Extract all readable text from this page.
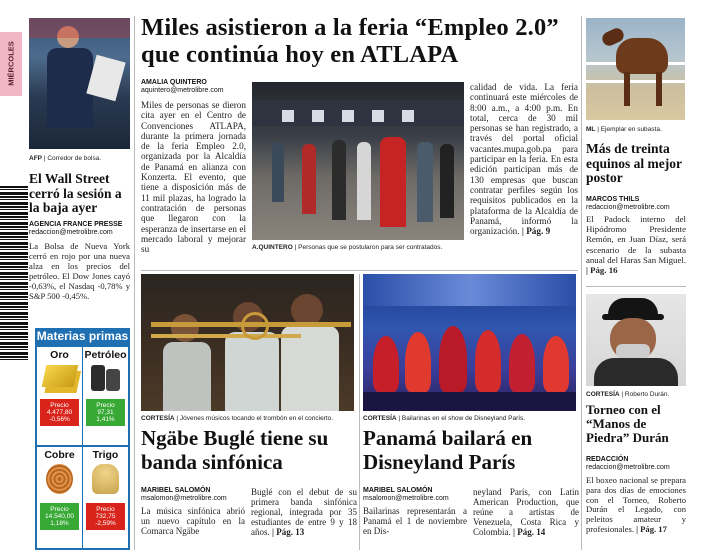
MIÉRCOLES
AFP | Corredor de bolsa.
El Wall Street cerró la sesión a la baja ayer
AGENCIA FRANCE PRESSE
redaccion@metrolibre.com
La Bolsa de Nueva York cerró en rojo por una nueva alza en los precios del petróleo. El Dow Jones cayó -0,63%, el Nasdaq -0,78% y S&P 500 -0,45%.
Materias primas
Oro
Precio
4.477,80
-0,56%
Petróleo
Precio
97,31
1,41%
Cobre
Precio
14.540,00
1,18%
Trigo
Precio
732,75
-2,59%
Miles asistieron a la feria “Empleo 2.0” que continúa hoy en ATLAPA
AMALIA QUINTERO
aquintero@metrolibre.com
Miles de personas se dieron cita ayer en el Centro de Convenciones ATLAPA, durante la primera jornada de la feria Empleo 2.0, organizada por la Alcaldía de Panamá en alianza con Konzerta. El evento, que tiene a disposición más de 11 mil plazas, ha logrado la contratación de personas que llegaron con la esperanza de insertarse en el mercado laboral y mejorar su	A.QUINTERO | Personas que se postularon para ser contratados.
calidad de vida. La feria continuará este miércoles de 8:00 a.m., a 4:00 p.m. En total, cerca de 30 mil personas se han registrado, a través del portal oficial vacantes.mupa.gob.pa para participar en la feria. En esta edición participan más de 130 empresas que buscan contratar perfiles según los requisitos publicados en la plataforma de la Alcaldía de Panamá, informó la organización. | Pág. 9
ML | Ejemplar en subasta.
Más de treinta equinos al mejor postor
MARCOS THILS
redaccion@metrolibre.com
El Padock interno del Hipódromo Presidente Remón, en Juan Díaz, será escenario de la subasta anual del Haras San Miguel. | Pág. 16
CORTESÍA | Jóvenes músicos tocando el trombón en el concierto.
Ngäbe Buglé tiene su banda sinfónica
MARIBEL SALOMÓN
msalomon@metrolibre.com
La música sinfónica abrió un nuevo capítulo en la Comarca Ngäbe
Buglé con el debut de su primera banda sinfónica regional, integrada por 35 estudiantes de entre 9 y 18 años. | Pág. 13
CORTESÍA | Bailarinas en el show de Disneyland París.
Panamá bailará en Disneyland París
MARIBEL SALOMÓN
msalomon@metrolibre.com
Bailarinas representarán a Panamá el 1 de noviembre en Dis-
neyland París, con Latin American Production, que reúne a artistas de Venezuela, Costa Rica y Colombia. | Pág. 14
CORTESÍA | Roberto Durán.
Torneo con el “Manos de Piedra” Durán
REDACCIÓN
redaccion@metrolibre.com
El boxeo nacional se prepara para dos días de emociones con el Torneo, Roberto Durán el Legado, con peleitos amateur y profesionales. | Pág. 17
